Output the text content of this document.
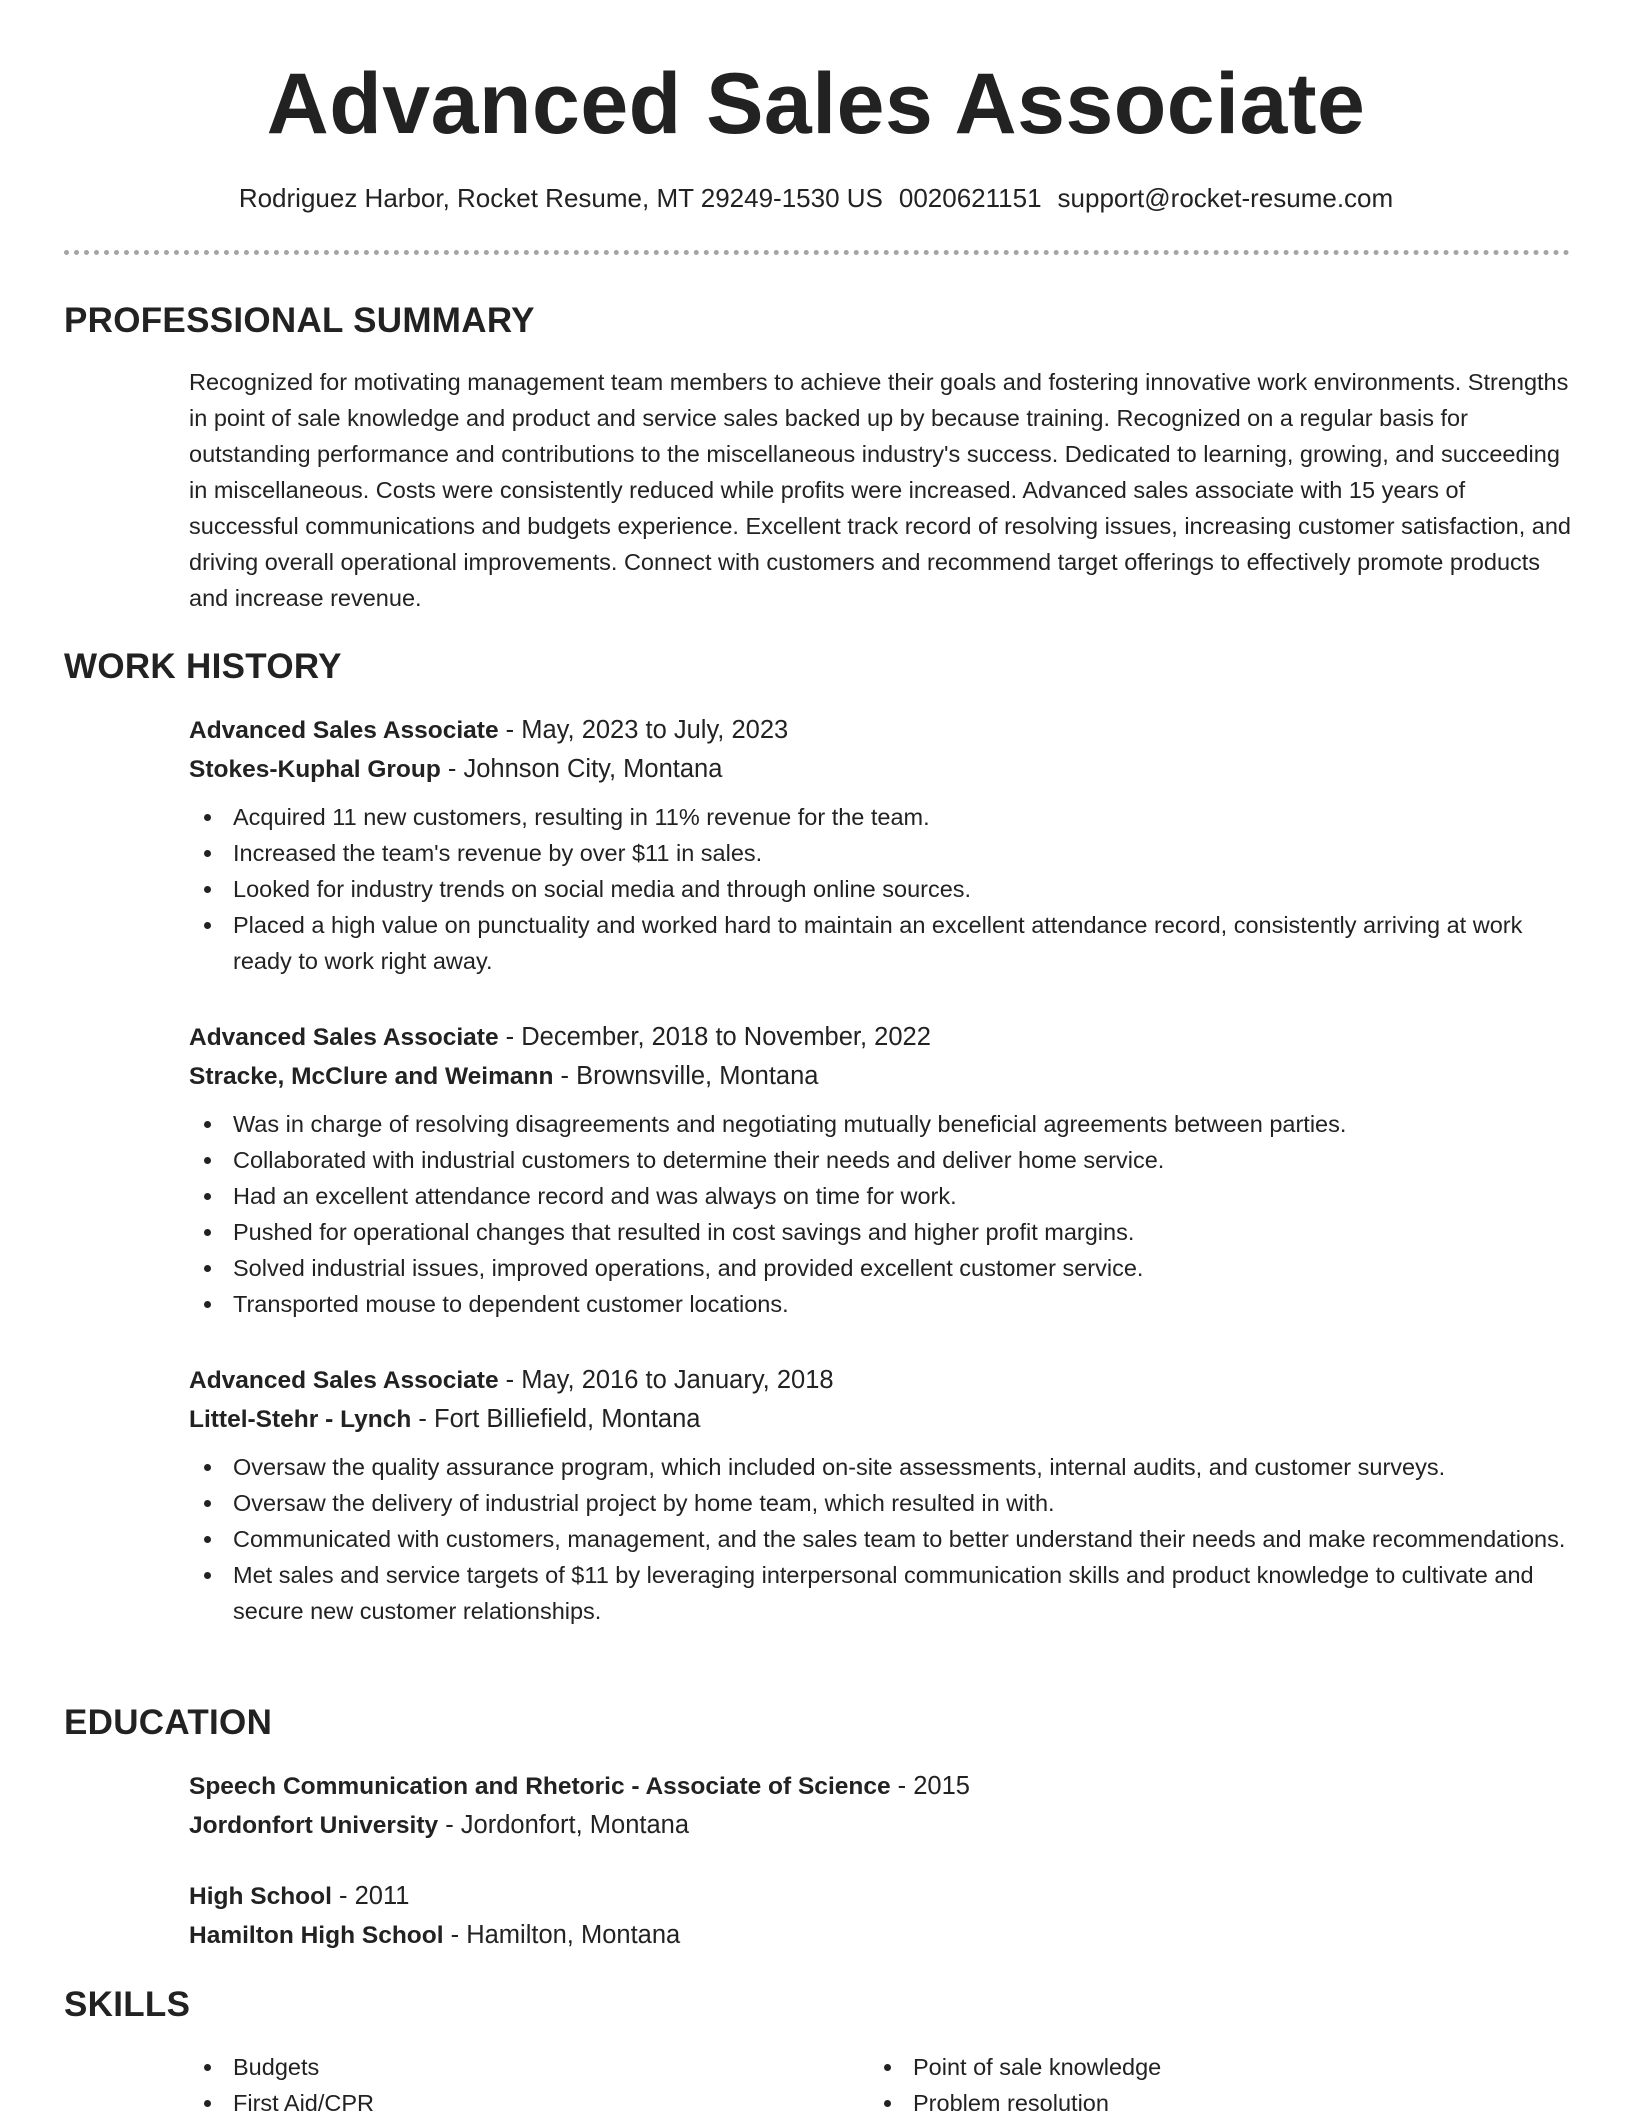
Advanced Sales Associate
Rodriguez Harbor, Rocket Resume, MT 29249-1530 US 0020621151 support@rocket-resume.com
PROFESSIONAL SUMMARY

Recognized for motivating management team members to achieve their goals and fostering innovative work environments. Strengths in point of sale knowledge and product and service sales backed up by because training. Recognized on a regular basis for outstanding performance and contributions to the miscellaneous industry's success. Dedicated to learning, growing, and succeeding in miscellaneous. Costs were consistently reduced while profits were increased. Advanced sales associate with 15 years of successful communications and budgets experience. Excellent track record of resolving issues, increasing customer satisfaction, and driving overall operational improvements. Connect with customers and recommend target offerings to effectively promote products and increase revenue.

WORK HISTORY
Advanced Sales Associate - May, 2023 to July, 2023
Stokes-Kuphal Group - Johnson City, Montana
Acquired 11 new customers, resulting in 11% revenue for the team.
Increased the team's revenue by over $11 in sales.
Looked for industry trends on social media and through online sources.
Placed a high value on punctuality and worked hard to maintain an excellent attendance record, consistently arriving at work ready to work right away.
Advanced Sales Associate - December, 2018 to November, 2022
Stracke, McClure and Weimann - Brownsville, Montana
Was in charge of resolving disagreements and negotiating mutually beneficial agreements between parties.
Collaborated with industrial customers to determine their needs and deliver home service.
Had an excellent attendance record and was always on time for work.
Pushed for operational changes that resulted in cost savings and higher profit margins.
Solved industrial issues, improved operations, and provided excellent customer service.
Transported mouse to dependent customer locations.
Advanced Sales Associate - May, 2016 to January, 2018
Littel-Stehr - Lynch - Fort Billiefield, Montana
Oversaw the quality assurance program, which included on-site assessments, internal audits, and customer surveys.
Oversaw the delivery of industrial project by home team, which resulted in with.
Communicated with customers, management, and the sales team to better understand their needs and make recommendations.
Met sales and service targets of $11 by leveraging interpersonal communication skills and product knowledge to cultivate and secure new customer relationships.
EDUCATION
Speech Communication and Rhetoric - Associate of Science - 2015
Jordonfort University - Jordonfort, Montana
High School - 2011
Hamilton High School - Hamilton, Montana
SKILLS
Budgets
First Aid/CPR
Point of sale knowledge
Problem resolution
